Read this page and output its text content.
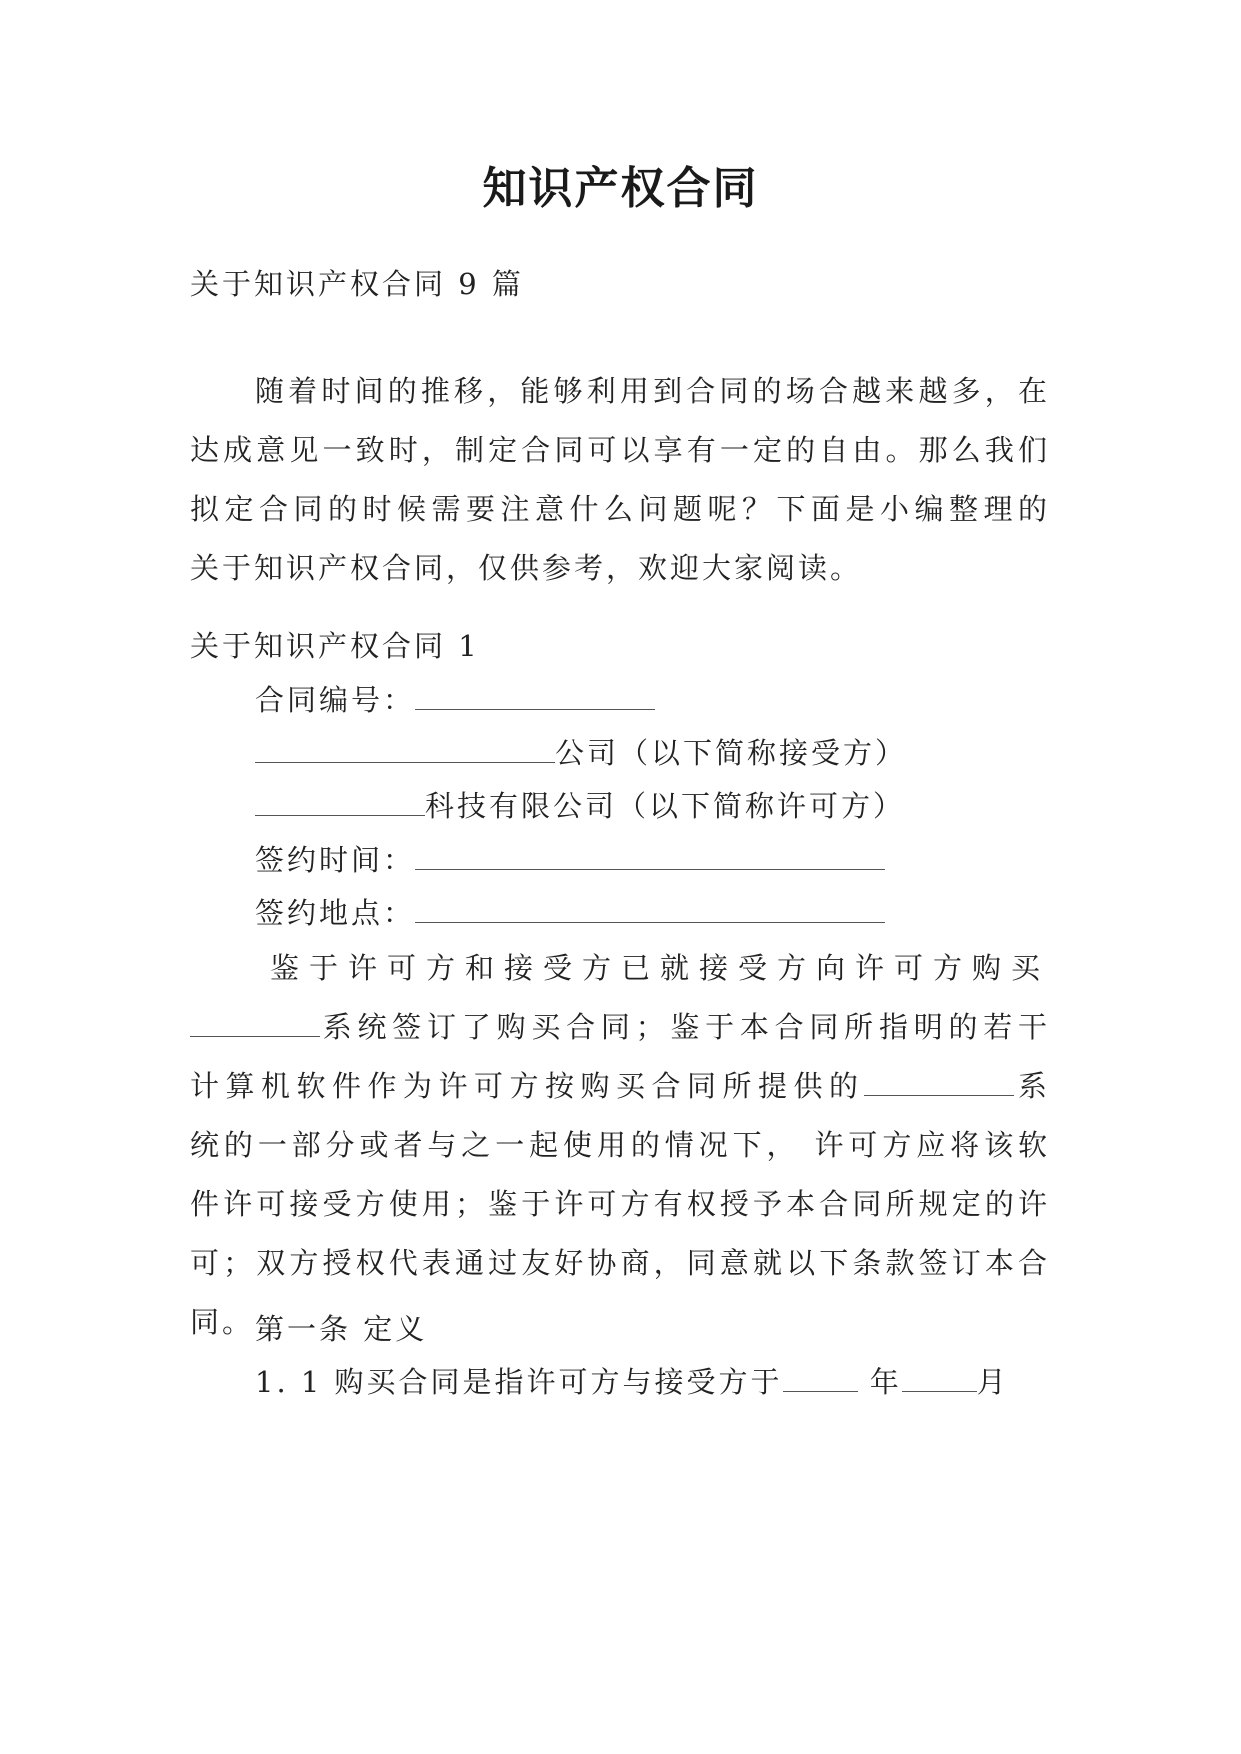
知识产权合同
关于知识产权合同 9 篇
随着时间的推移，能够利用到合同的场合越来越多，在
达成意见一致时，制定合同可以享有一定的自由。那么我们
拟定合同的时候需要注意什么问题呢？下面是小编整理的
关于知识产权合同，仅供参考，欢迎大家阅读。
关于知识产权合同 1
合同编号：
公司（以下简称接受方）
科技有限公司（以下简称许可方）
签约时间：
签约地点：
鉴于许可方和接受方已就接受方向许可方购买
系统签订了购买合同；鉴于本合同所指明的若干
计算机软件作为许可方按购买合同所提供的	系
统的一部分或者与之一起使用的情况下， 许可方应将该软
件许可接受方使用；鉴于许可方有权授予本合同所规定的许
可；双方授权代表通过友好协商，同意就以下条款签订本合
同。 第一条 定义
1. 1 购买合同是指许可方与接受方于	年	月
